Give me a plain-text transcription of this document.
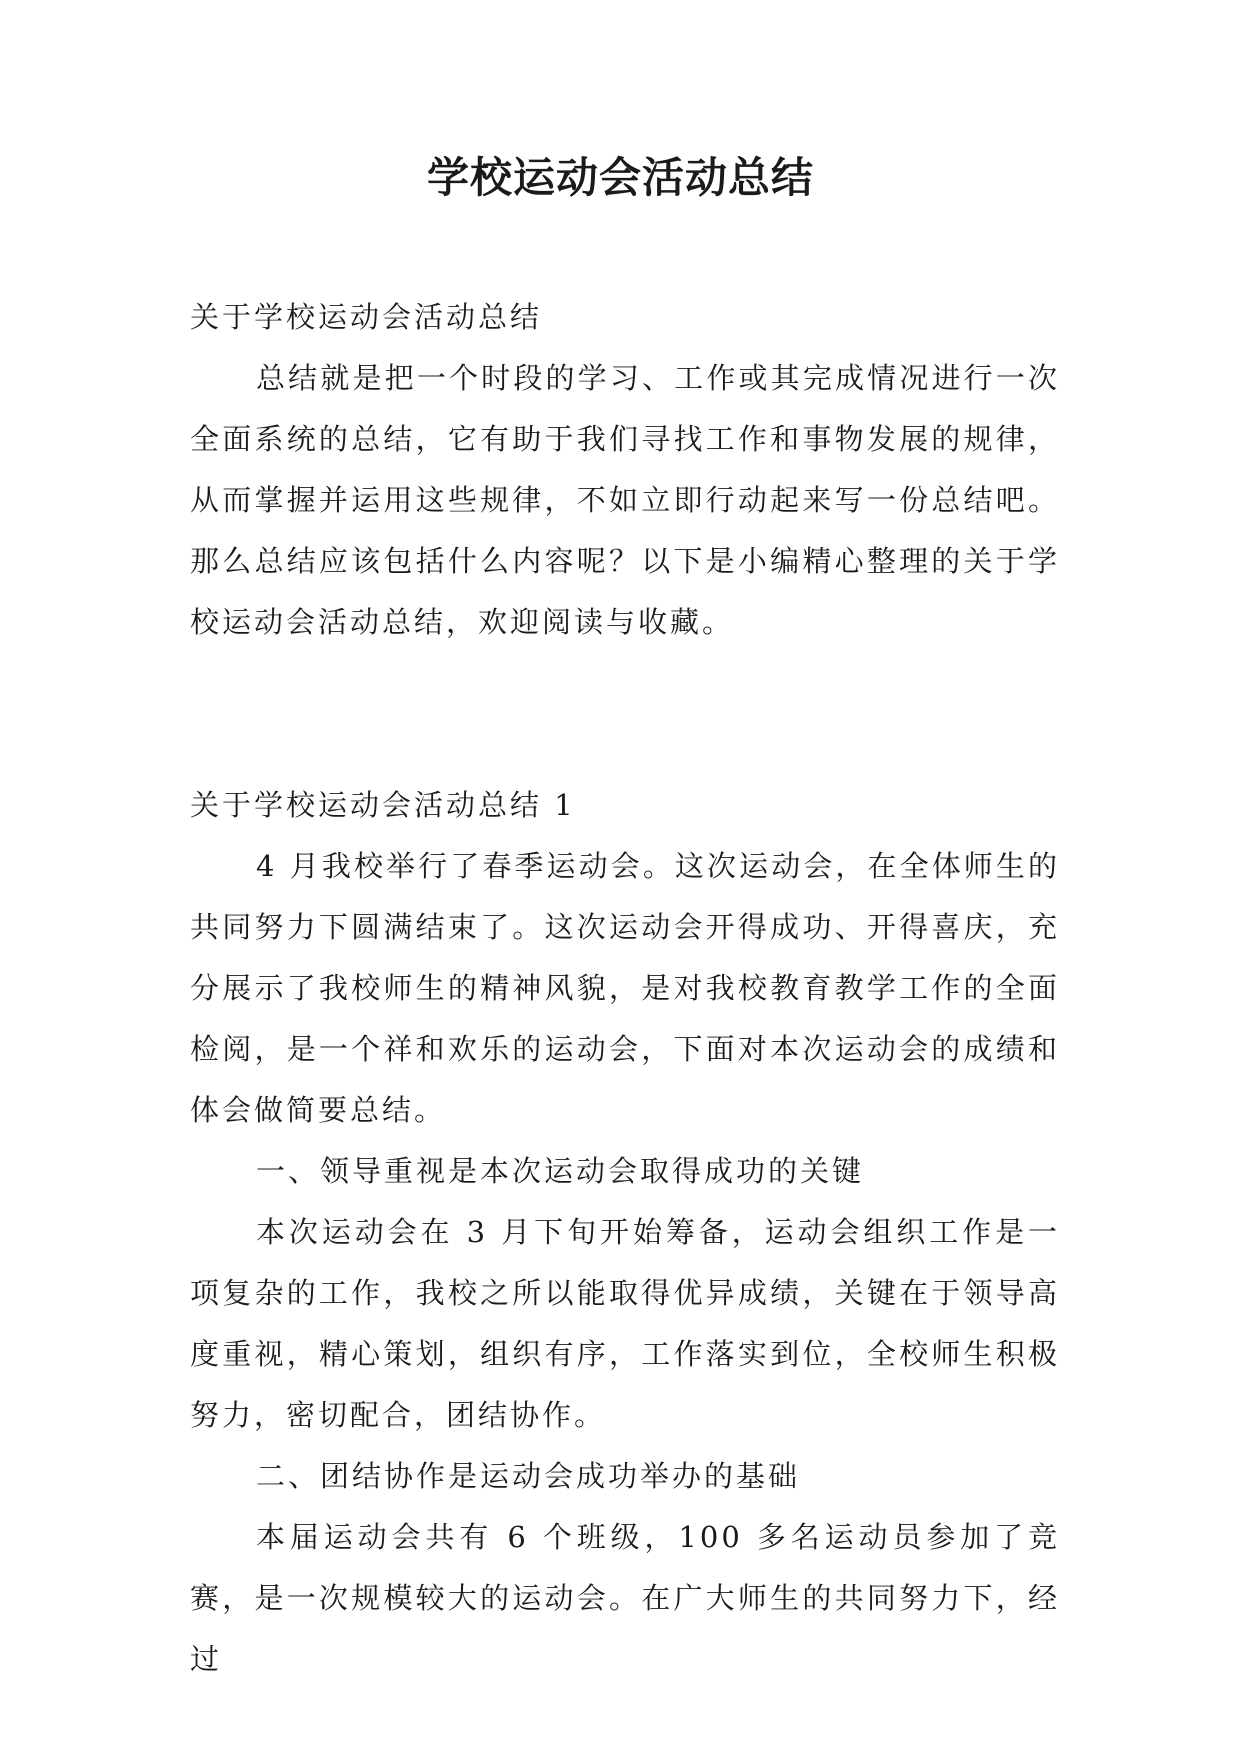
学校运动会活动总结

关于学校运动会活动总结

总结就是把一个时段的学习、工作或其完成情况进行一次全面系统的总结，它有助于我们寻找工作和事物发展的规律，从而掌握并运用这些规律，不如立即行动起来写一份总结吧。那么总结应该包括什么内容呢？以下是小编精心整理的关于学校运动会活动总结，欢迎阅读与收藏。

关于学校运动会活动总结 1

4 月我校举行了春季运动会。这次运动会，在全体师生的共同努力下圆满结束了。这次运动会开得成功、开得喜庆，充分展示了我校师生的精神风貌，是对我校教育教学工作的全面检阅，是一个祥和欢乐的运动会，下面对本次运动会的成绩和体会做简要总结。

一、领导重视是本次运动会取得成功的关键

本次运动会在 3 月下旬开始筹备，运动会组织工作是一项复杂的工作，我校之所以能取得优异成绩，关键在于领导高度重视，精心策划，组织有序，工作落实到位，全校师生积极努力，密切配合，团结协作。

二、团结协作是运动会成功举办的基础

本届运动会共有 6 个班级，100 多名运动员参加了竞赛，是一次规模较大的运动会。在广大师生的共同努力下，经过
